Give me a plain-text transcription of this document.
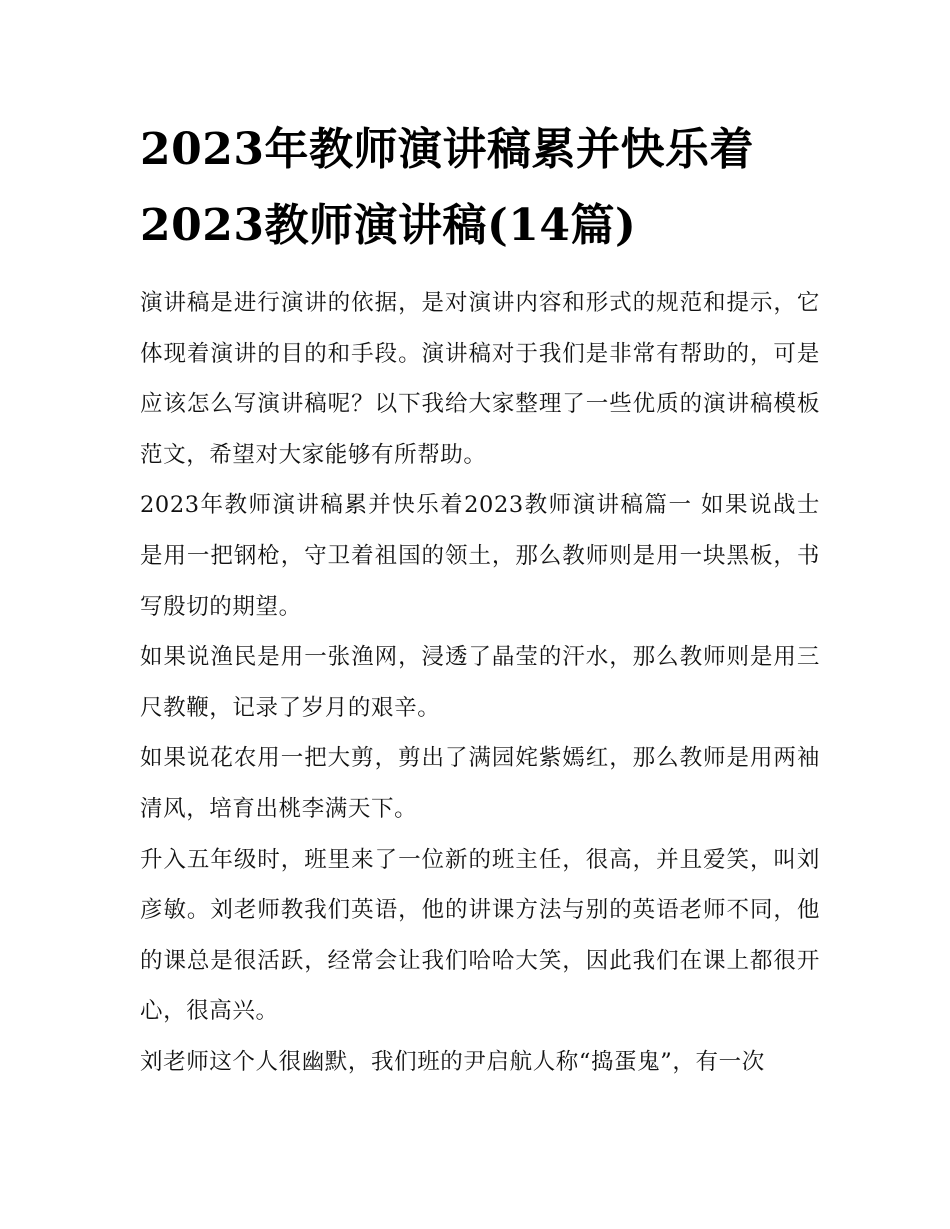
2023年教师演讲稿累并快乐着
2023教师演讲稿(14篇)

演讲稿是进行演讲的依据，是对演讲内容和形式的规范和提示，它体现着演讲的目的和手段。演讲稿对于我们是非常有帮助的，可是应该怎么写演讲稿呢？以下我给大家整理了一些优质的演讲稿模板范文，希望对大家能够有所帮助。

2023年教师演讲稿累并快乐着2023教师演讲稿篇一 如果说战士是用一把钢枪，守卫着祖国的领土，那么教师则是用一块黑板，书写殷切的期望。

如果说渔民是用一张渔网，浸透了晶莹的汗水，那么教师则是用三尺教鞭，记录了岁月的艰辛。

如果说花农用一把大剪，剪出了满园姹紫嫣红，那么教师是用两袖清风，培育出桃李满天下。

升入五年级时，班里来了一位新的班主任，很高，并且爱笑，叫刘彦敏。刘老师教我们英语，他的讲课方法与别的英语老师不同，他的课总是很活跃，经常会让我们哈哈大笑，因此我们在课上都很开心，很高兴。

刘老师这个人很幽默，我们班的尹启航人称“捣蛋鬼”，有一次
